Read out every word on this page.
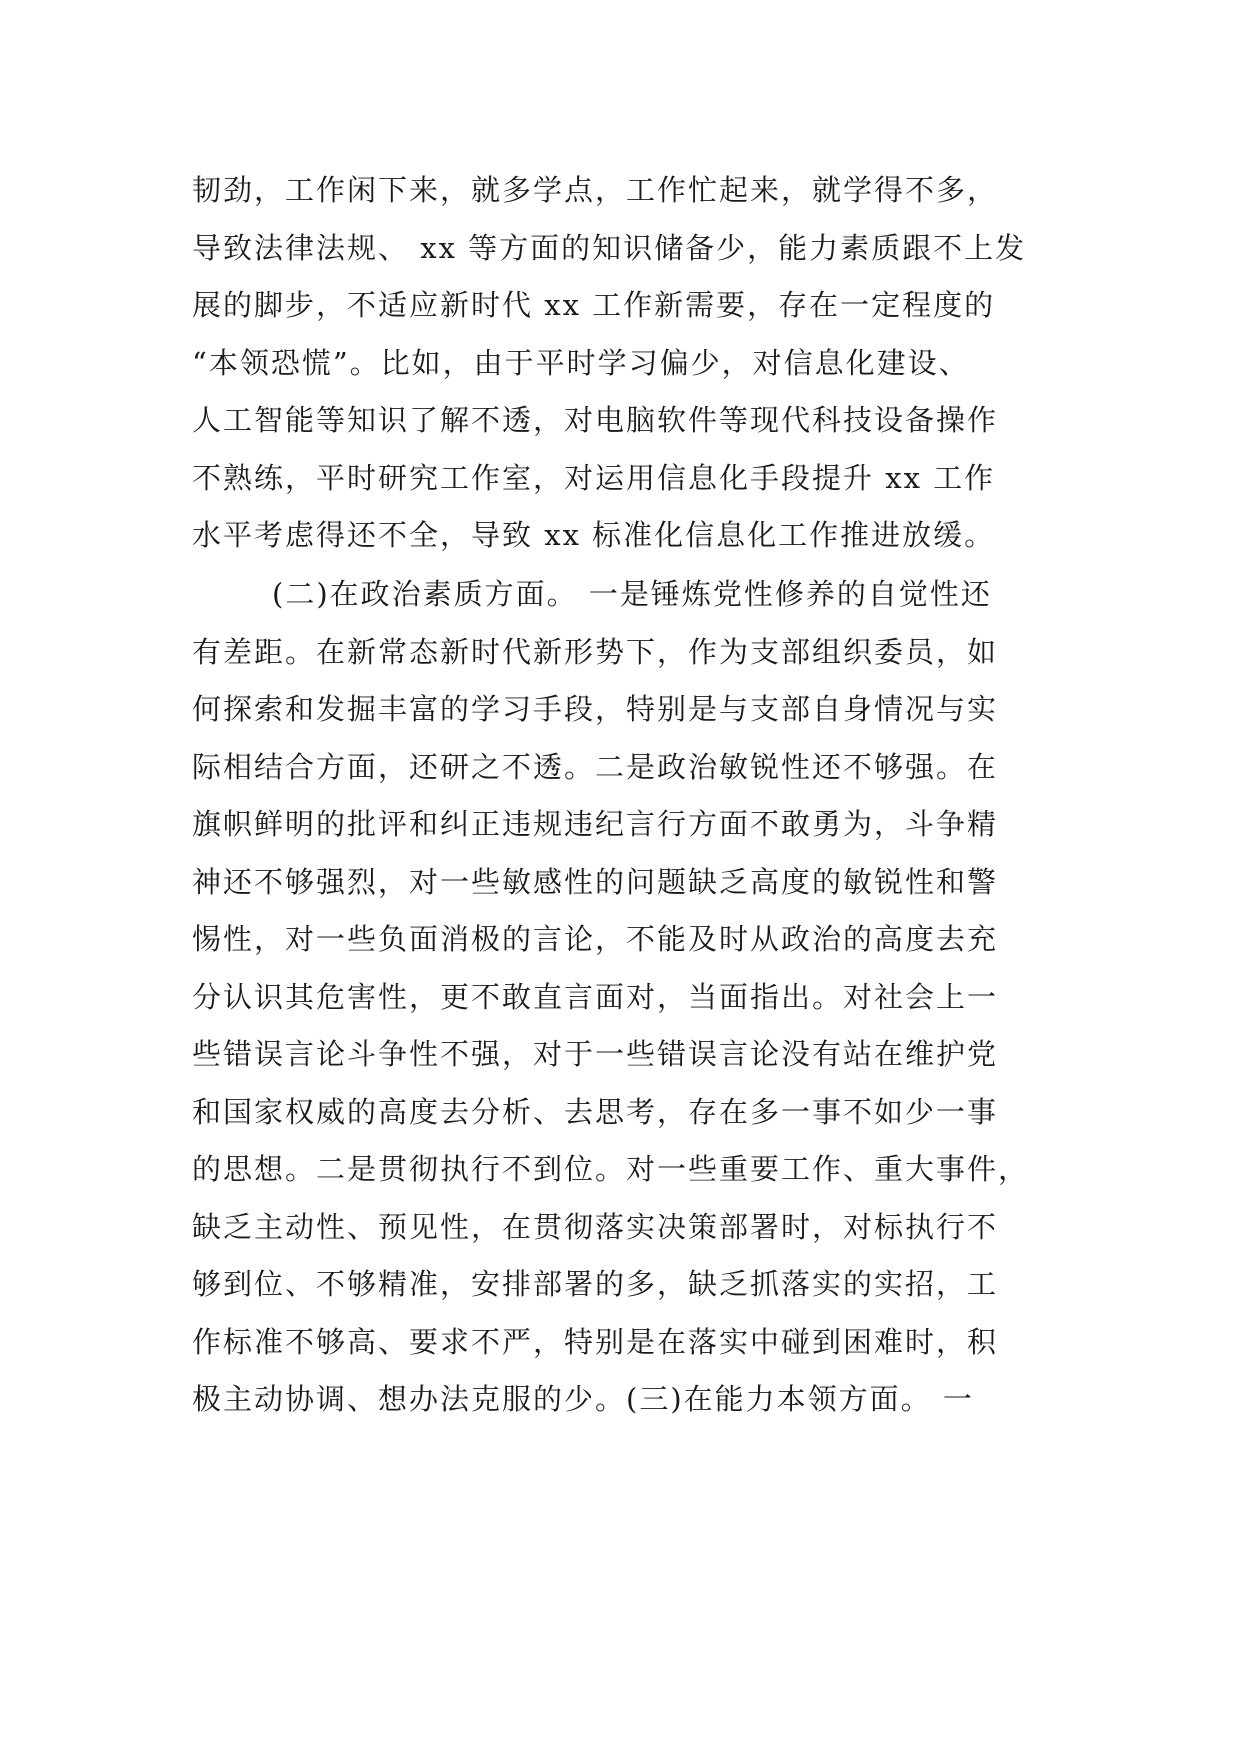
韧劲，工作闲下来，就多学点，工作忙起来，就学得不多，
导致法律法规、 xx 等方面的知识储备少，能力素质跟不上发
展的脚步，不适应新时代 xx 工作新需要，存在一定程度的
“本领恐慌”。比如，由于平时学习偏少，对信息化建设、
人工智能等知识了解不透，对电脑软件等现代科技设备操作
不熟练，平时研究工作室，对运用信息化手段提升 xx 工作
水平考虑得还不全，导致 xx 标准化信息化工作推进放缓。
(二)在政治素质方面。 一是锤炼党性修养的自觉性还
有差距。在新常态新时代新形势下，作为支部组织委员，如
何探索和发掘丰富的学习手段，特别是与支部自身情况与实
际相结合方面，还研之不透。二是政治敏锐性还不够强。在
旗帜鲜明的批评和纠正违规违纪言行方面不敢勇为，斗争精
神还不够强烈，对一些敏感性的问题缺乏高度的敏锐性和警
惕性，对一些负面消极的言论，不能及时从政治的高度去充
分认识其危害性，更不敢直言面对，当面指出。对社会上一
些错误言论斗争性不强，对于一些错误言论没有站在维护党
和国家权威的高度去分析、去思考，存在多一事不如少一事
的思想。二是贯彻执行不到位。对一些重要工作、重大事件，
缺乏主动性、预见性，在贯彻落实决策部署时，对标执行不
够到位、不够精准，安排部署的多，缺乏抓落实的实招，工
作标准不够高、要求不严，特别是在落实中碰到困难时，积
极主动协调、想办法克服的少。(三)在能力本领方面。 一
